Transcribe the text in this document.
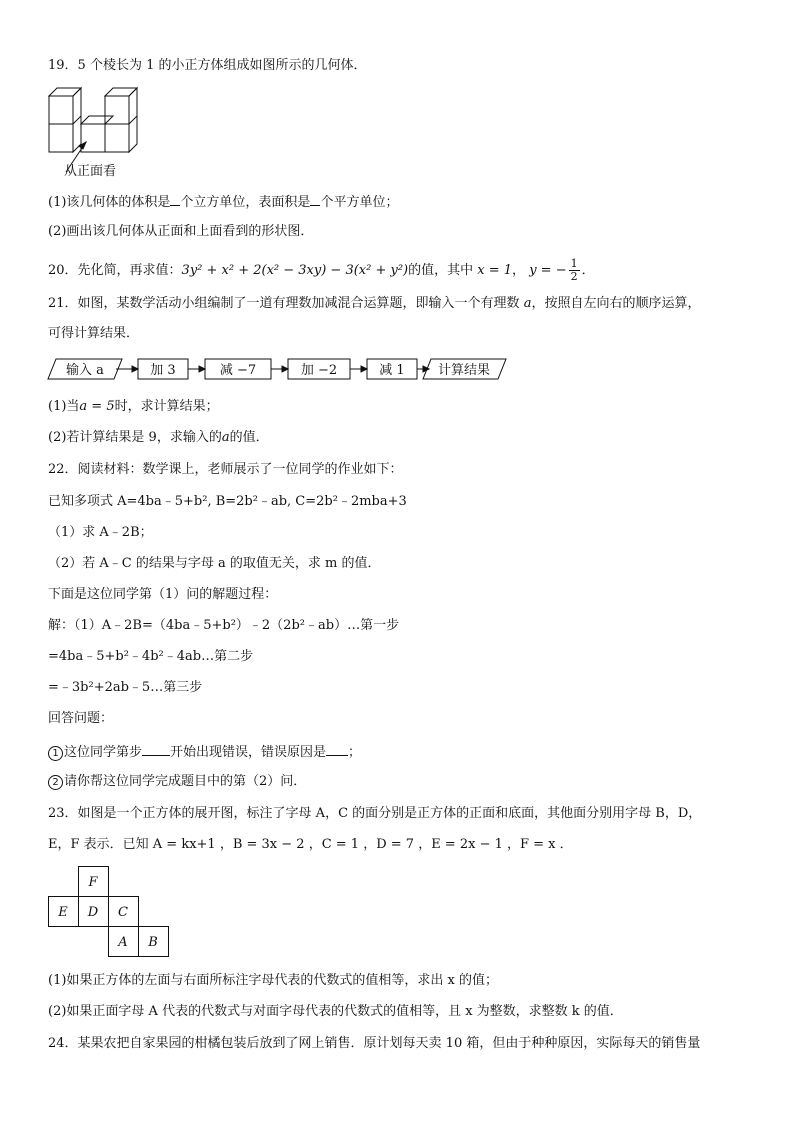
19．5 个棱长为 1 的小正方体组成如图所示的几何体．
从正面看
(1)该几何体的体积是 个立方单位，表面积是 个平方单位；
(2)画出该几何体从正面和上面看到的形状图．
20．先化简，再求值：3y² + x² + 2(x² − 3xy) − 3(x² + y²)的值，其中 x = 1， y = − $\frac{1}{2}$ ．
21．如图，某数学活动小组编制了一道有理数加减混合运算题，即输入一个有理数 a，按照自左向右的顺序运算，
可得计算结果．
输入 a	加 3	减 −7	加 −2	减 1	计算结果
(1)当a = 5时，求计算结果；
(2)若计算结果是 9，求输入的a的值．
22．阅读材料：数学课上，老师展示了一位同学的作业如下：
已知多项式 A=4ba﹣5+b², B=2b²﹣ab, C=2b²﹣2mba+3
（1）求 A﹣2B；
（2）若 A﹣C 的结果与字母 a 的取值无关，求 m 的值．
下面是这位同学第（1）问的解题过程：
解：（1）A﹣2B=（4ba﹣5+b²）﹣2（2b²﹣ab）…第一步
=4ba﹣5+b²﹣4b²﹣4ab…第二步
=﹣3b²+2ab﹣5…第三步
回答问题：
1 这位同学第步 开始出现错误，错误原因是 ；
2 请你帮这位同学完成题目中的第（2）问．
23．如图是一个正方体的展开图，标注了字母 A，C 的面分别是正方体的正面和底面，其他面分别用字母 B，D，
E，F 表示．已知 A = kx+1 ，B = 3x − 2 ，C = 1 ，D = 7 ，E = 2x − 1 ，F = x ．
F
E D C
A B
(1)如果正方体的左面与右面所标注字母代表的代数式的值相等，求出 x 的值；
(2)如果正面字母 A 代表的代数式与对面字母代表的代数式的值相等，且 x 为整数，求整数 k 的值．
24．某果农把自家果园的柑橘包装后放到了网上销售．原计划每天卖 10 箱，但由于种种原因，实际每天的销售量
